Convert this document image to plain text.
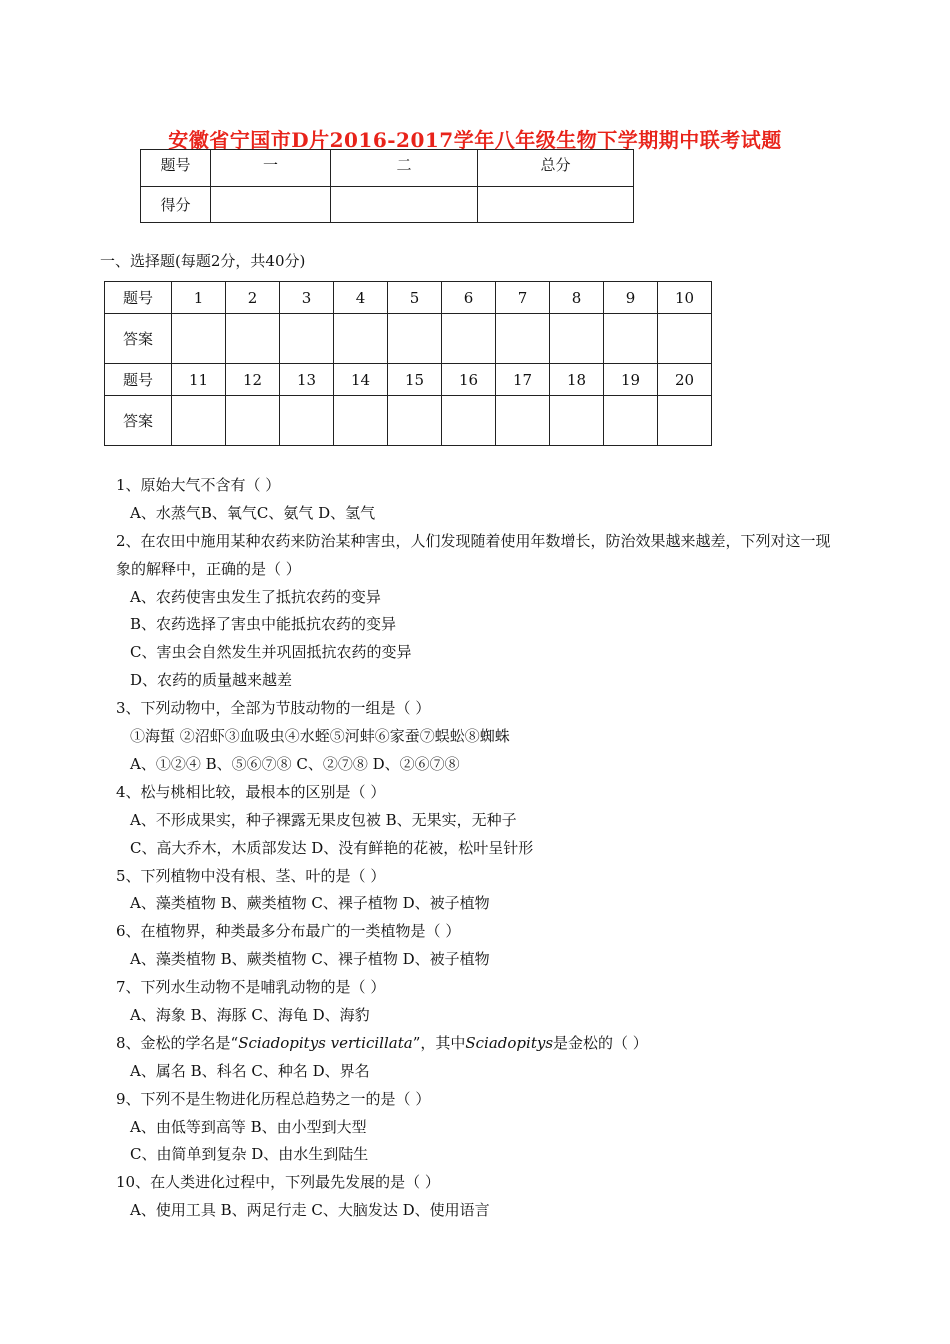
安徽省宁国市D片2016-2017学年八年级生物下学期期中联考试题
题号	一	二	总分
得分			
一、选择题(每题2分，共40分)
题号	1	2	3	4	5	6	7	8	9	10
答案										
题号	11	12	13	14	15	16	17	18	19	20
答案										
1、原始大气不含有（ ）
A、水蒸气B、氧气C、氨气 D、氢气
2、在农田中施用某种农药来防治某种害虫，人们发现随着使用年数增长，防治效果越来越差，下列对这一现象的解释中，正确的是（ ）
A、农药使害虫发生了抵抗农药的变异
B、农药选择了害虫中能抵抗农药的变异
C、害虫会自然发生并巩固抵抗农药的变异
D、农药的质量越来越差
3、下列动物中，全部为节肢动物的一组是（ ）
①海蜇 ②沼虾③血吸虫④水蛭⑤河蚌⑥家蚕⑦蜈蚣⑧蜘蛛
A、①②④ B、⑤⑥⑦⑧ C、②⑦⑧ D、②⑥⑦⑧
4、松与桃相比较，最根本的区别是（ ）
A、不形成果实，种子裸露无果皮包被 B、无果实，无种子
C、高大乔木，木质部发达 D、没有鲜艳的花被，松叶呈针形
5、下列植物中没有根、茎、叶的是（ ）
A、藻类植物 B、蕨类植物 C、裸子植物 D、被子植物
6、在植物界，种类最多分布最广的一类植物是（ ）
A、藻类植物 B、蕨类植物 C、裸子植物 D、被子植物
7、下列水生动物不是哺乳动物的是（ ）
A、海象 B、海豚 C、海龟 D、海豹
8、金松的学名是“Sciadopitys verticillata”，其中Sciadopitys是金松的（ ）
A、属名 B、科名 C、种名 D、界名
9、下列不是生物进化历程总趋势之一的是（ ）
A、由低等到高等 B、由小型到大型
C、由简单到复杂 D、由水生到陆生
10、在人类进化过程中，下列最先发展的是（ ）
A、使用工具 B、两足行走 C、大脑发达 D、使用语言
